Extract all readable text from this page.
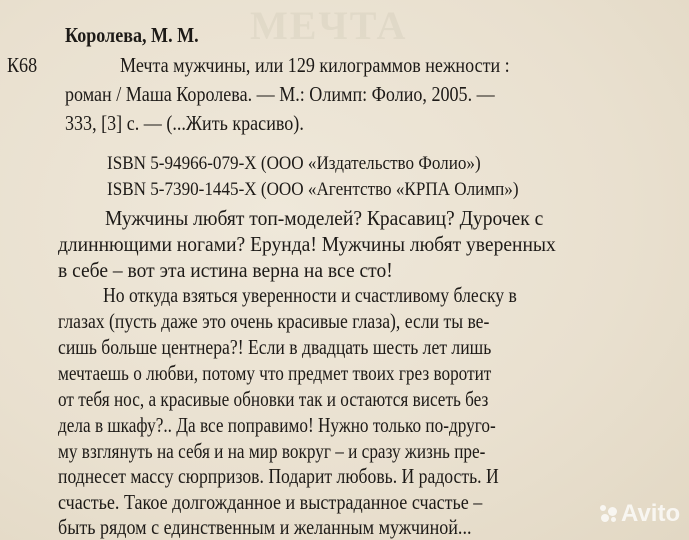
ΜΕЧТА
Королева, М. М.
К68	Мечта мужчины, или 129 килограммов нежности :
роман / Маша Королева. — М.: Олимп: Фолио, 2005. —
333, [3] с. — (...Жить красиво).
ISBN 5-94966-079-Х (ООО «Издательство Фолио»)
ISBN 5-7390-1445-Х (ООО «Агентство «КРПА Олимп»)
Мужчины любят топ-моделей? Красавиц? Дурочек с
длиннющими ногами? Ерунда! Мужчины любят уверенных
в себе – вот эта истина верна на все сто!
Но откуда взяться уверенности и счастливому блеску в
глазах (пусть даже это очень красивые глаза), если ты ве-
сишь больше центнера?! Если в двадцать шесть лет лишь
мечтаешь о любви, потому что предмет твоих грез воротит
от тебя нос, а красивые обновки так и остаются висеть без
дела в шкафу?.. Да все поправимо! Нужно только по-друго-
му взглянуть на себя и на мир вокруг – и сразу жизнь пре-
поднесет массу сюрпризов. Подарит любовь. И радость. И
счастье. Такое долгожданное и выстраданное счастье –
быть рядом с единственным и желанным мужчиной...	Avito
